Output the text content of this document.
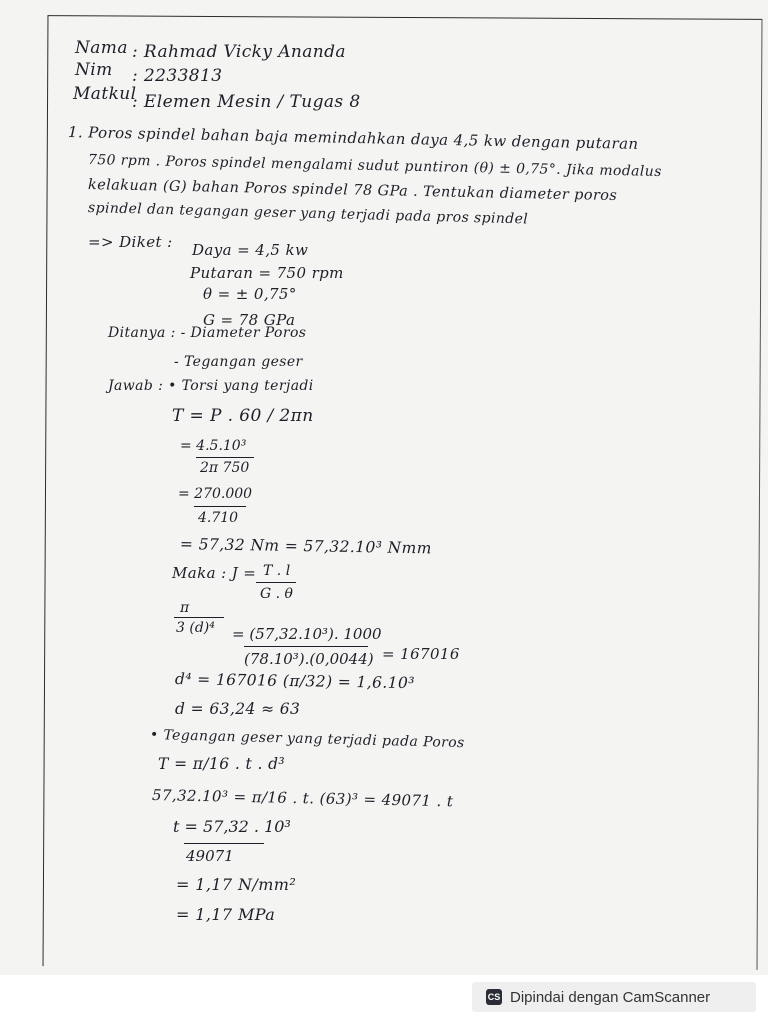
Nama : Rahmad Vicky Ananda
Nim : 2233813
Matkul
: Elemen Mesin / Tugas 8
1. Poros spindel bahan baja memindahkan daya 4,5 kw dengan putaran
750 rpm . Poros spindel mengalami sudut puntiron (θ) ± 0,75°. Jika modalus
kelakuan (G) bahan Poros spindel 78 GPa . Tentukan diameter poros
spindel dan tegangan geser yang terjadi pada pros spindel
=> Diket : Daya = 4,5 kw
Putaran = 750 rpm
θ = ± 0,75°
G = 78 GPa
Ditanya : - Diameter Poros
- Tegangan geser
Jawab : • Torsi yang terjadi
T = P . 60 / 2πn
= 4.5.10³
2π 750
= 270.000
4.710
= 57,32 Nm = 57,32.10³ Nmm
Maka : J = T . l
G . θ
π
3 (d)⁴ = (57,32.10³). 1000
(78.10³).(0,0044) = 167016
d⁴ = 167016 (π/32) = 1,6.10³
d = 63,24 ≈ 63
• Tegangan geser yang terjadi pada Poros
T = π/16 . t . d³
57,32.10³ = π/16 . t. (63)³ = 49071 . t
t = 57,32 . 10³
49071
= 1,17 N/mm²
= 1,17 MPa
CS Dipindai dengan CamScanner
